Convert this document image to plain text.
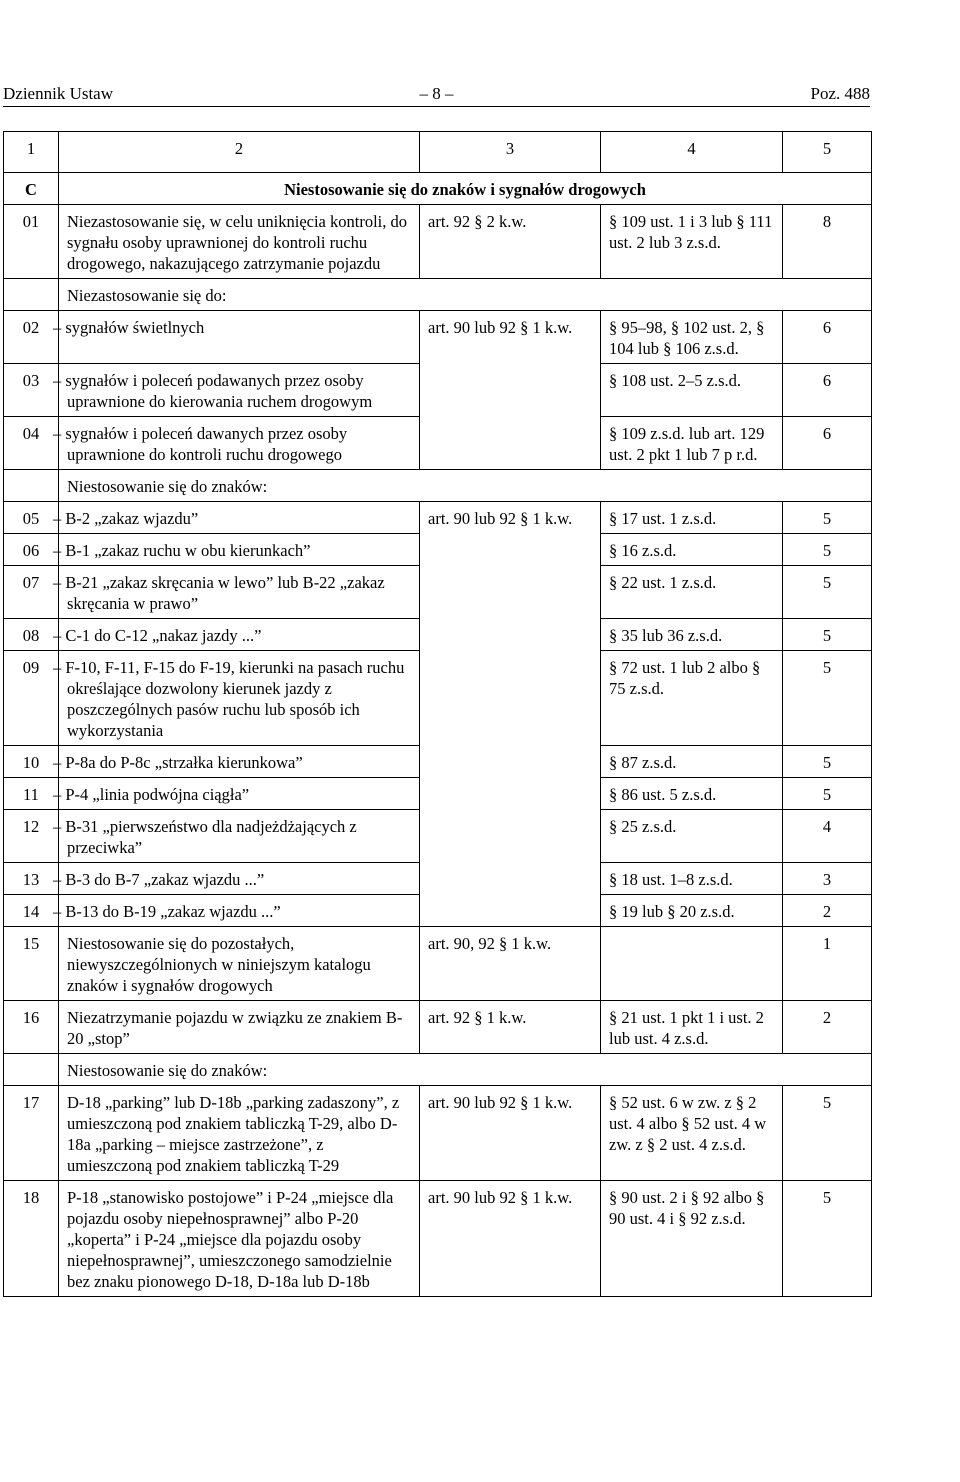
Dziennik Ustaw	– 8 –	Poz. 488
1	2	3	4	5
C	Niestosowanie się do znaków i sygnałów drogowych			
01	Niezastosowanie się, w celu uniknięcia kontroli, do sygnału osoby uprawnionej do kontroli ruchu drogowego, nakazującego zatrzymanie pojazdu	art. 92 § 2 k.w.	§ 109 ust. 1 i 3 lub § 111 ust. 2 lub 3 z.s.d.	8
	Niezastosowanie się do:			
02	– sygnałów świetlnych	art. 90 lub 92 § 1 k.w.	§ 95–98, § 102 ust. 2, § 104 lub § 106 z.s.d.	6
03	– sygnałów i poleceń podawanych przez osoby uprawnione do kierowania ruchem drogowym		§ 108 ust. 2–5 z.s.d.	6
04	– sygnałów i poleceń dawanych przez osoby uprawnione do kontroli ruchu drogowego		§ 109 z.s.d. lub art. 129 ust. 2 pkt 1 lub 7 p r.d.	6
	Niestosowanie się do znaków:			
05	– B-2 „zakaz wjazdu”	art. 90 lub 92 § 1 k.w.	§ 17 ust. 1 z.s.d.	5
06	– B-1 „zakaz ruchu w obu kierunkach”		§ 16 z.s.d.	5
07	– B-21 „zakaz skręcania w lewo” lub B-22 „zakaz skręcania w prawo”		§ 22 ust. 1 z.s.d.	5
08	– C-1 do C-12 „nakaz jazdy ...”		§ 35 lub 36 z.s.d.	5
09	– F-10, F-11, F-15 do F-19, kierunki na pasach ruchu określające dozwolony kierunek jazdy z poszczególnych pasów ruchu lub sposób ich wykorzystania		§ 72 ust. 1 lub 2 albo § 75 z.s.d.	5
10	– P-8a do P-8c „strzałka kierunkowa”		§ 87 z.s.d.	5
11	– P-4 „linia podwójna ciągła”		§ 86 ust. 5 z.s.d.	5
12	– B-31 „pierwszeństwo dla nadjeżdżających z przeciwka”		§ 25 z.s.d.	4
13	– B-3 do B-7 „zakaz wjazdu ...”		§ 18 ust. 1–8 z.s.d.	3
14	– B-13 do B-19 „zakaz wjazdu ...”		§ 19 lub § 20 z.s.d.	2
15	Niestosowanie się do pozostałych, niewyszczególnionych w niniejszym katalogu znaków i sygnałów drogowych	art. 90, 92 § 1 k.w.		1
16	Niezatrzymanie pojazdu w związku ze znakiem B-20 „stop”	art. 92 § 1 k.w.	§ 21 ust. 1 pkt 1 i ust. 2 lub ust. 4 z.s.d.	2
	Niestosowanie się do znaków:			
17	D-18 „parking” lub D-18b „parking zadaszony”, z umieszczoną pod znakiem tabliczką T-29, albo D-18a „parking – miejsce zastrzeżone”, z umieszczoną pod znakiem tabliczką T-29	art. 90 lub 92 § 1 k.w.	§ 52 ust. 6 w zw. z § 2 ust. 4 albo § 52 ust. 4 w zw. z § 2 ust. 4 z.s.d.	5
18	P-18 „stanowisko postojowe” i P-24 „miejsce dla pojazdu osoby niepełnosprawnej” albo P-20 „koperta” i P-24 „miejsce dla pojazdu osoby niepełnosprawnej”, umieszczonego samodzielnie bez znaku pionowego D-18, D-18a lub D-18b	art. 90 lub 92 § 1 k.w.	§ 90 ust. 2 i § 92 albo § 90 ust. 4 i § 92 z.s.d.	5
